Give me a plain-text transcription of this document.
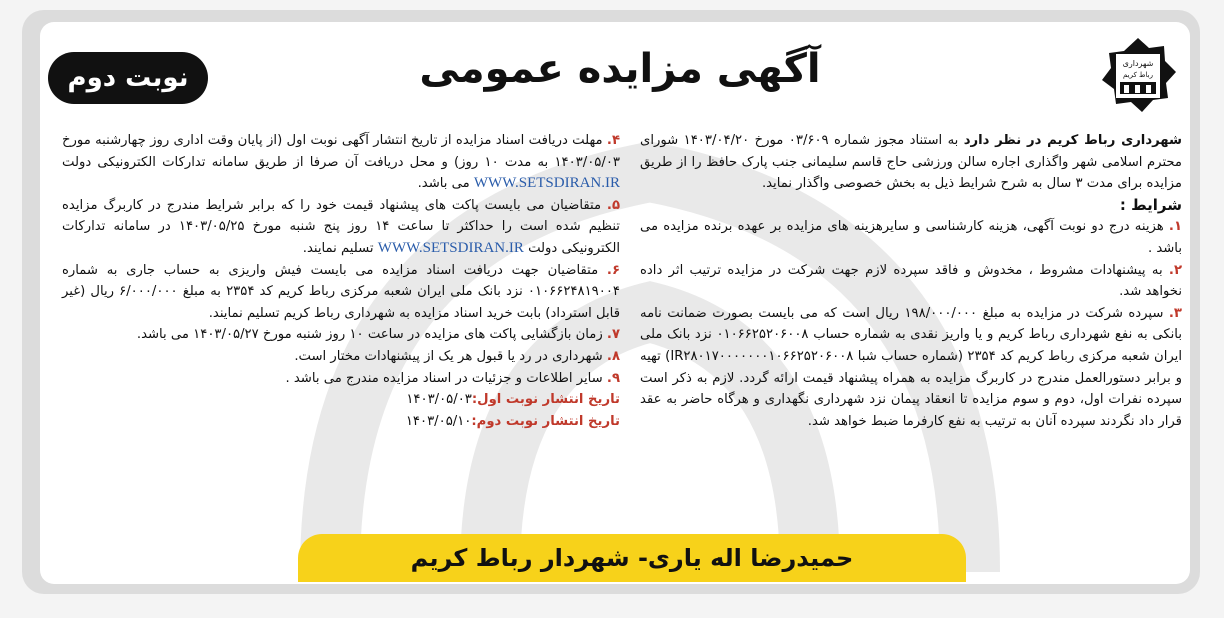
شهرداری
رباط کریم
آگهی مزایده عمومی
نوبت دوم

شهرداری رباط کریم در نظر دارد به استناد مجوز شماره ۰۳/۶۰۹ مورخ ۱۴۰۳/۰۴/۲۰ شورای محترم اسلامی شهر واگذاری اجاره سالن ورزشی حاج قاسم سلیمانی جنب پارک حافظ را از طریق مزایده برای مدت ۳ سال به شرح شرایط ذیل به بخش خصوصی واگذار نماید.

شرایط :

۱. هزینه درج دو نوبت آگهی، هزینه کارشناسی و سایرهزینه های مزایده بر عهده برنده مزایده می باشد .

۲. به پیشنهادات مشروط ، مخدوش و فاقد سپرده لازم جهت شرکت در مزایده ترتیب اثر داده نخواهد شد.

۳. سپرده شرکت در مزایده به مبلغ ۱۹۸/۰۰۰/۰۰۰ ریال است که می بایست بصورت ضمانت نامه بانکی به نفع شهرداری رباط کریم و یا واریز نقدی به شماره حساب ۰۱۰۶۶۲۵۲۰۶۰۰۸ نزد بانک ملی ایران شعبه مرکزی رباط کریم کد ۲۳۵۴ (شماره حساب شبا IR۲۸۰۱۷۰۰۰۰۰۰۰۱۰۶۶۲۵۲۰۶۰۰۸) تهیه و برابر دستورالعمل مندرج در کاربرگ مزایده به همراه پیشنهاد قیمت ارائه گردد. لازم به ذکر است سپرده نفرات اول، دوم و سوم مزایده تا انعقاد پیمان نزد شهرداری نگهداری و هرگاه حاضر به عقد قرار داد نگردند سپرده آنان به ترتیب به نفع کارفرما ضبط خواهد شد.

۴. مهلت دریافت اسناد مزایده از تاریخ انتشار آگهی نوبت اول (از پایان وقت اداری روز چهارشنبه مورخ ۱۴۰۳/۰۵/۰۳ به مدت ۱۰ روز) و محل دریافت آن صرفا از طریق سامانه تدارکات الکترونیکی دولت WWW.SETSDIRAN.IR می باشد.

۵. متقاضیان می بایست پاکت های پیشنهاد قیمت خود را که برابر شرایط مندرج در کاربرگ مزایده تنظیم شده است را حداکثر تا ساعت ۱۴ روز پنج شنبه مورخ ۱۴۰۳/۰۵/۲۵ در سامانه تدارکات الکترونیکی دولت WWW.SETSDIRAN.IR تسلیم نمایند.

۶. متقاضیان جهت دریافت اسناد مزایده می بایست فیش واریزی به حساب جاری به شماره ۰۱۰۶۶۲۴۸۱۹۰۰۴ نزد بانک ملی ایران شعبه مرکزی رباط کریم کد ۲۳۵۴ به مبلغ ۶/۰۰۰/۰۰۰ ریال (غیر قابل استرداد) بابت خرید اسناد مزایده به شهرداری رباط کریم تسلیم نمایند.

۷. زمان بازگشایی پاکت های مزایده در ساعت ۱۰ روز شنبه مورخ ۱۴۰۳/۰۵/۲۷ می باشد.

۸. شهرداری در رد یا قبول هر یک از پیشنهادات مختار است.

۹. سایر اطلاعات و جزئیات در اسناد مزایده مندرج می باشد .

تاریخ انتشار نوبت اول:۱۴۰۳/۰۵/۰۳

تاریخ انتشار نوبت دوم:۱۴۰۳/۰۵/۱۰

حمیدرضا اله یاری- شهردار رباط کریم
